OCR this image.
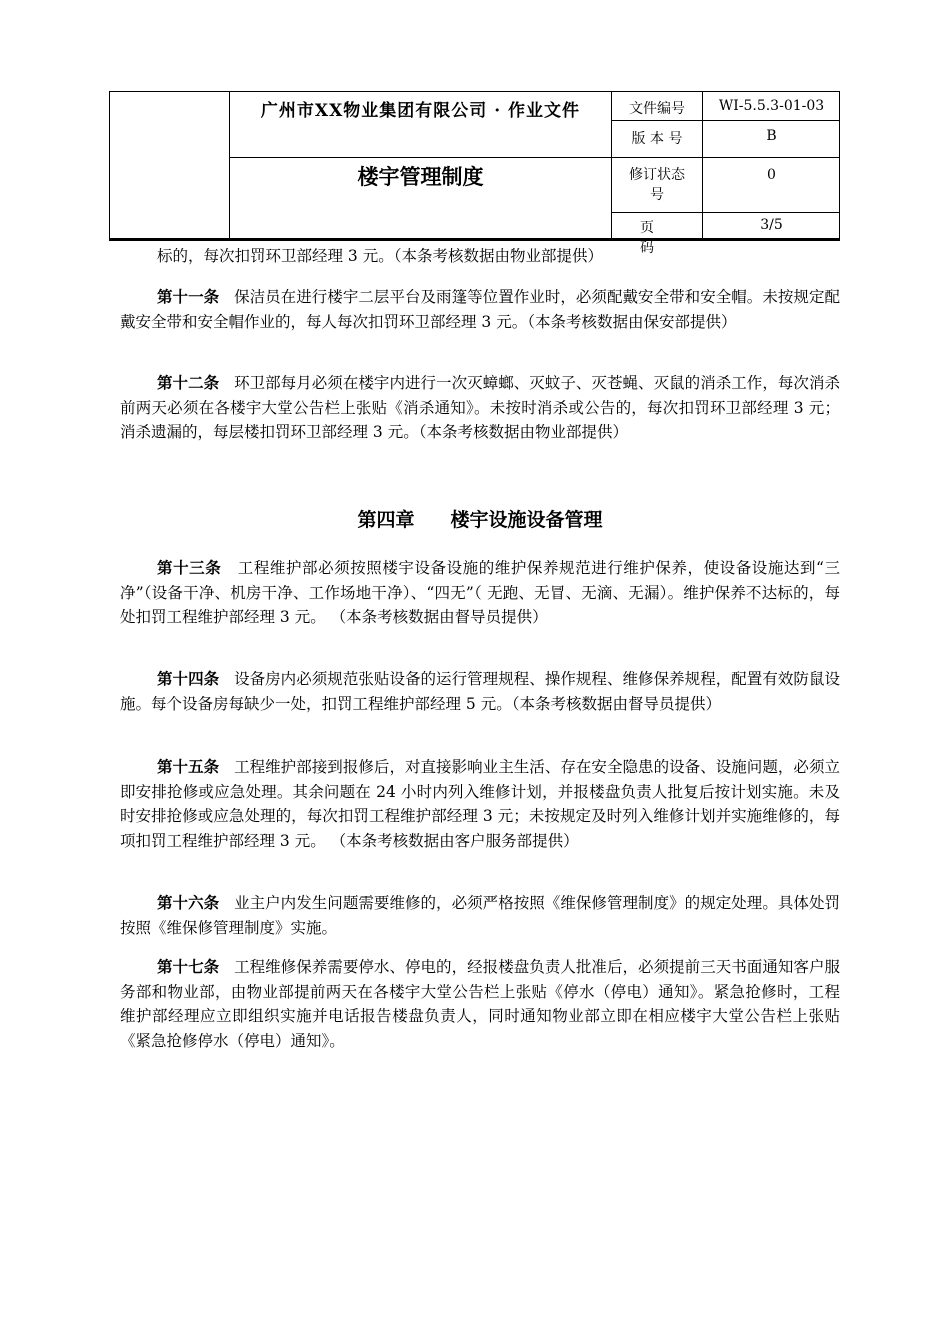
广州市XX物业集团有限公司 · 作业文件
楼宇管理制度
文件编号	WI-5.5.3-01-03
版 本 号	B
修订状态号
0
页 码
3/5

标的，每次扣罚环卫部经理 3 元。（本条考核数据由物业部提供）

第十一条 保洁员在进行楼宇二层平台及雨篷等位置作业时，必须配戴安全带和安全帽。未按规定配戴安全带和安全帽作业的，每人每次扣罚环卫部经理 3 元。（本条考核数据由保安部提供）

第十二条 环卫部每月必须在楼宇内进行一次灭蟑螂、灭蚊子、灭苍蝇、灭鼠的消杀工作，每次消杀前两天必须在各楼宇大堂公告栏上张贴《消杀通知》。未按时消杀或公告的，每次扣罚环卫部经理 3 元；消杀遗漏的，每层楼扣罚环卫部经理 3 元。（本条考核数据由物业部提供）

第四章 楼宇设施设备管理

第十三条 工程维护部必须按照楼宇设备设施的维护保养规范进行维护保养，使设备设施达到“三净”（设备干净、机房干净、工作场地干净）、“四无”（ 无跑、无冒、无滴、无漏）。维护保养不达标的，每处扣罚工程维护部经理 3 元。 （本条考核数据由督导员提供）

第十四条 设备房内必须规范张贴设备的运行管理规程、操作规程、维修保养规程，配置有效防鼠设施。每个设备房每缺少一处，扣罚工程维护部经理 5 元。（本条考核数据由督导员提供）

第十五条 工程维护部接到报修后，对直接影响业主生活、存在安全隐患的设备、设施问题，必须立即安排抢修或应急处理。其余问题在 24 小时内列入维修计划，并报楼盘负责人批复后按计划实施。未及时安排抢修或应急处理的，每次扣罚工程维护部经理 3 元；未按规定及时列入维修计划并实施维修的，每项扣罚工程维护部经理 3 元。 （本条考核数据由客户服务部提供）

第十六条 业主户内发生问题需要维修的，必须严格按照《维保修管理制度》的规定处理。具体处罚按照《维保修管理制度》实施。

第十七条 工程维修保养需要停水、停电的，经报楼盘负责人批准后，必须提前三天书面通知客户服务部和物业部，由物业部提前两天在各楼宇大堂公告栏上张贴《停水（停电）通知》。紧急抢修时，工程维护部经理应立即组织实施并电话报告楼盘负责人，同时通知物业部立即在相应楼宇大堂公告栏上张贴《紧急抢修停水（停电）通知》。
